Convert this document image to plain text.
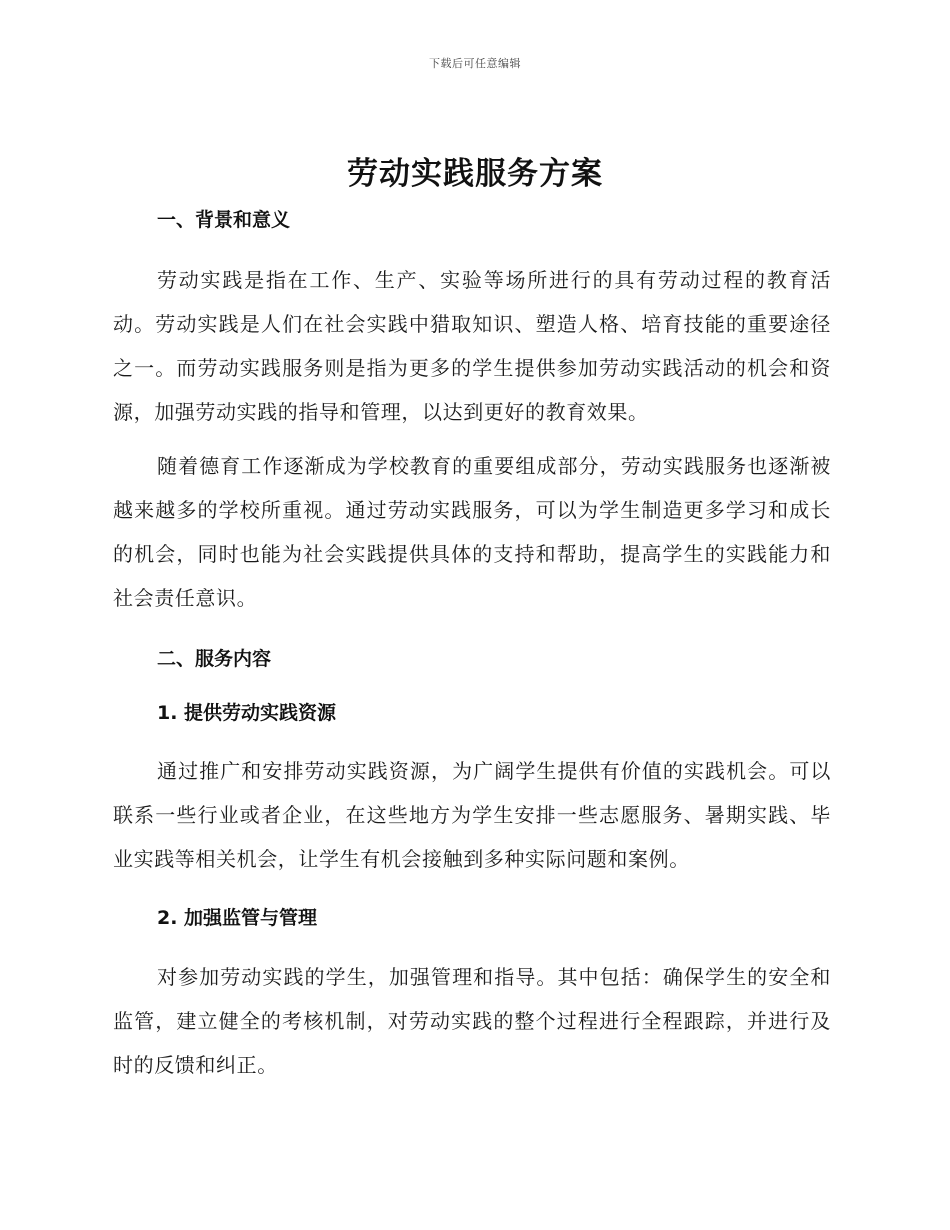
下载后可任意编辑
劳动实践服务方案
一、背景和意义

劳动实践是指在工作、生产、实验等场所进行的具有劳动过程的教育活动。劳动实践是人们在社会实践中猎取知识、塑造人格、培育技能的重要途径之一。而劳动实践服务则是指为更多的学生提供参加劳动实践活动的机会和资源，加强劳动实践的指导和管理，以达到更好的教育效果。

随着德育工作逐渐成为学校教育的重要组成部分，劳动实践服务也逐渐被越来越多的学校所重视。通过劳动实践服务，可以为学生制造更多学习和成长的机会，同时也能为社会实践提供具体的支持和帮助，提高学生的实践能力和社会责任意识。

二、服务内容
1. 提供劳动实践资源

通过推广和安排劳动实践资源，为广阔学生提供有价值的实践机会。可以联系一些行业或者企业，在这些地方为学生安排一些志愿服务、暑期实践、毕业实践等相关机会，让学生有机会接触到多种实际问题和案例。

2. 加强监管与管理

对参加劳动实践的学生，加强管理和指导。其中包括：确保学生的安全和监管，建立健全的考核机制，对劳动实践的整个过程进行全程跟踪，并进行及时的反馈和纠正。
